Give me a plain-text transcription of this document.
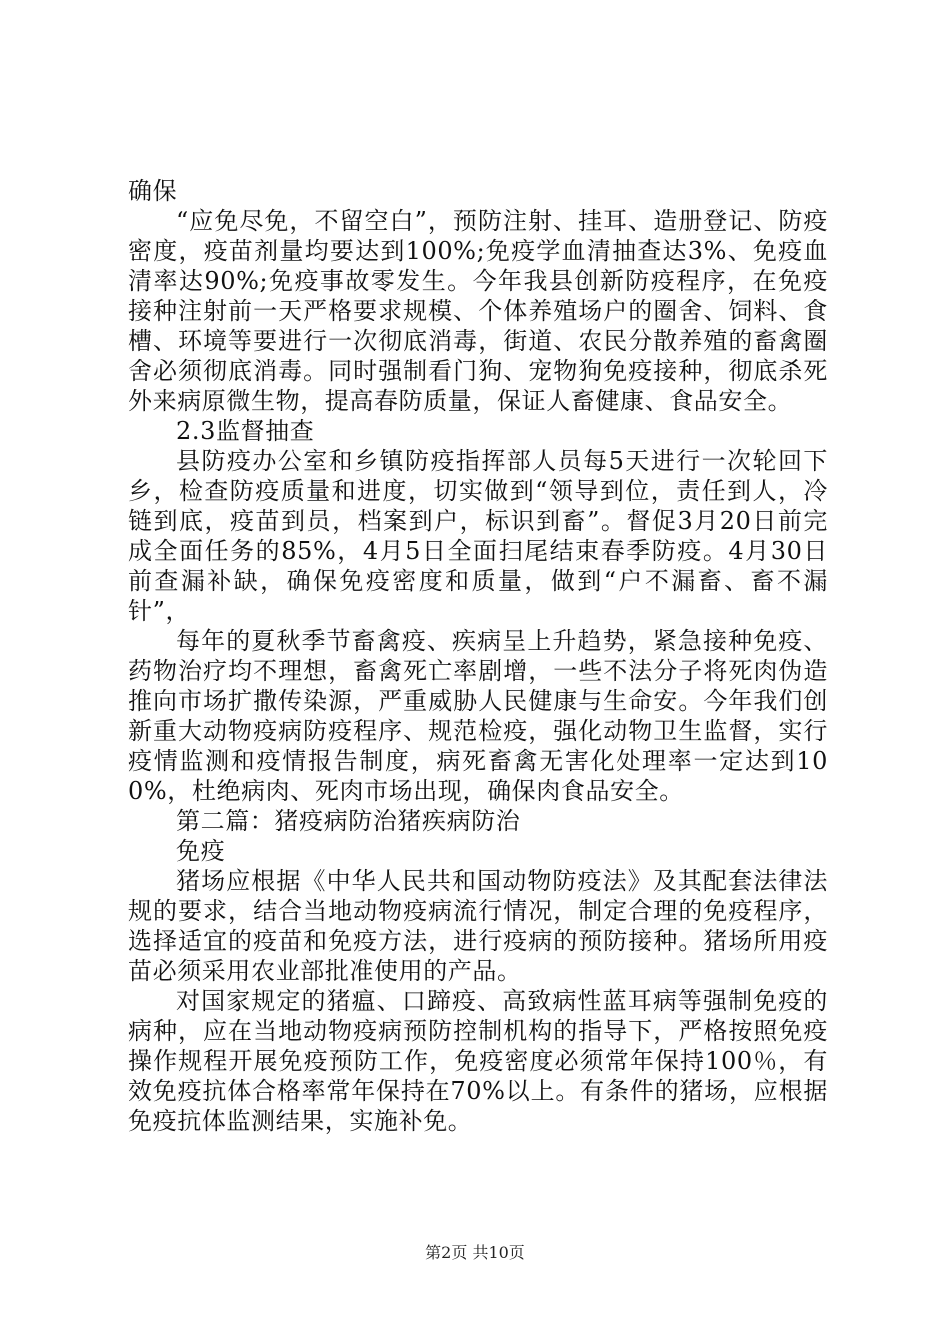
确保

“应免尽免，不留空白”，预防注射、挂耳、造册登记、防疫密度，疫苗剂量均要达到100%;免疫学血清抽查达3%、免疫血清率达90%;免疫事故零发生。今年我县创新防疫程序，在免疫接种注射前一天严格要求规模、个体养殖场户的圈舍、饲料、食槽、环境等要进行一次彻底消毒，街道、农民分散养殖的畜禽圈舍必须彻底消毒。同时强制看门狗、宠物狗免疫接种，彻底杀死外来病原微生物，提高春防质量，保证人畜健康、食品安全。

2.3监督抽查

县防疫办公室和乡镇防疫指挥部人员每5天进行一次轮回下乡，检查防疫质量和进度，切实做到“领导到位，责任到人，冷链到底，疫苗到员，档案到户，标识到畜”。督促3月20日前完成全面任务的85%，4月5日全面扫尾结束春季防疫。4月30日前查漏补缺，确保免疫密度和质量，做到“户不漏畜、畜不漏针”，

每年的夏秋季节畜禽疫、疾病呈上升趋势，紧急接种免疫、药物治疗均不理想，畜禽死亡率剧增，一些不法分子将死肉伪造推向市场扩撒传染源，严重威胁人民健康与生命安。今年我们创新重大动物疫病防疫程序、规范检疫，强化动物卫生监督，实行疫情监测和疫情报告制度，病死畜禽无害化处理率一定达到100%，杜绝病肉、死肉市场出现，确保肉食品安全。

第二篇：猪疫病防治猪疾病防治

免疫

猪场应根据《中华人民共和国动物防疫法》及其配套法律法规的要求，结合当地动物疫病流行情况，制定合理的免疫程序，选择适宜的疫苗和免疫方法，进行疫病的预防接种。猪场所用疫苗必须采用农业部批准使用的产品。

对国家规定的猪瘟、口蹄疫、高致病性蓝耳病等强制免疫的病种，应在当地动物疫病预防控制机构的指导下，严格按照免疫操作规程开展免疫预防工作，免疫密度必须常年保持100％，有效免疫抗体合格率常年保持在70%以上。有条件的猪场，应根据免疫抗体监测结果，实施补免。

第2页 共10页
